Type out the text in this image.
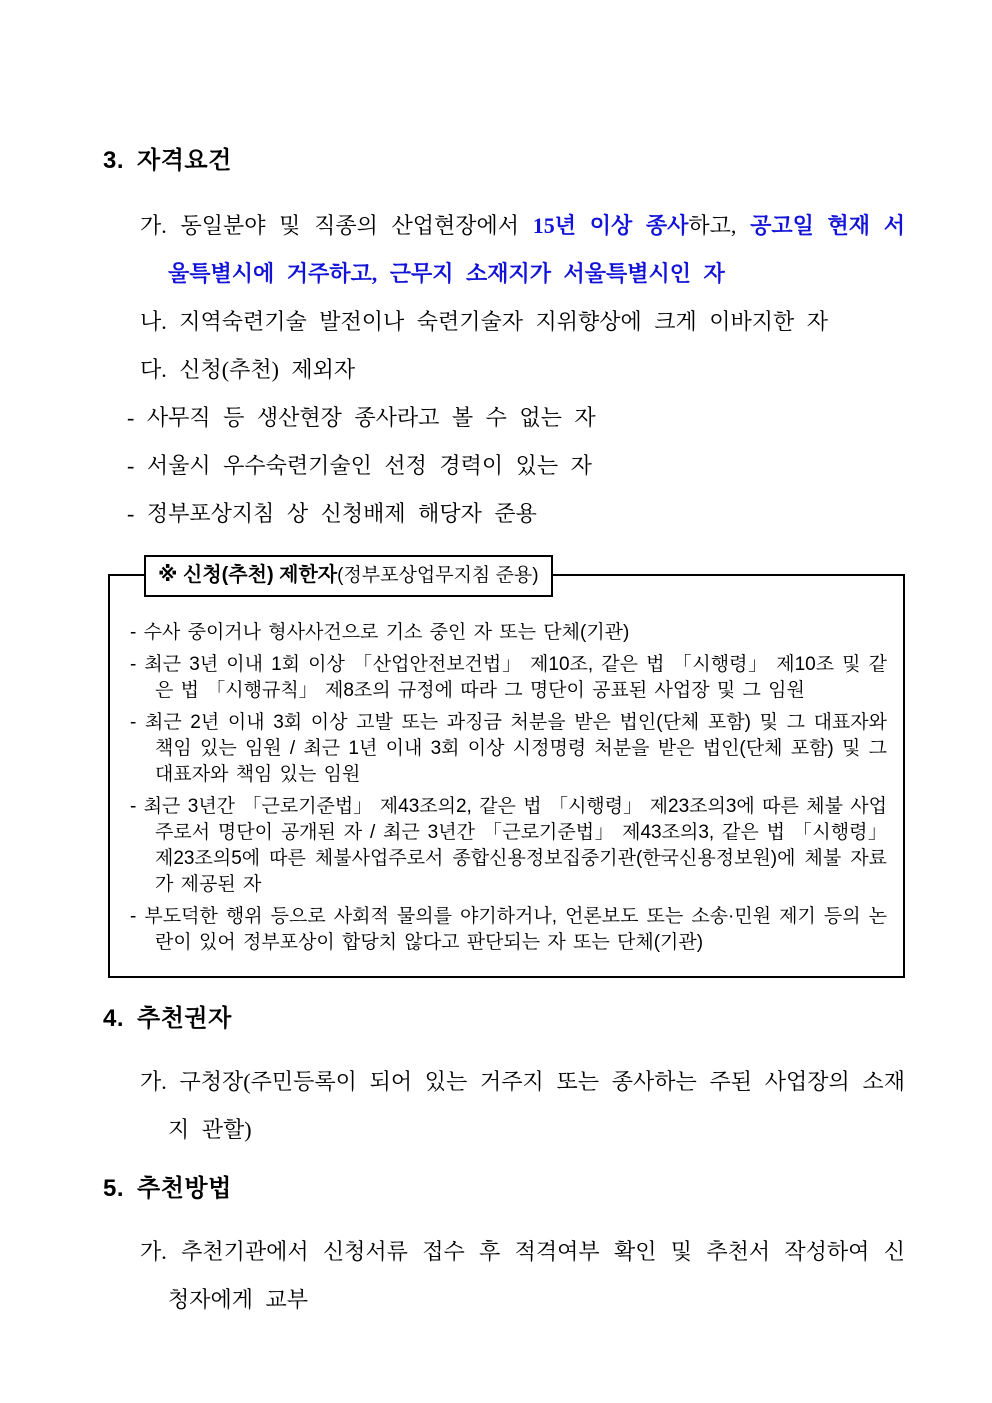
3. 자격요건
가. 동일분야 및 직종의 산업현장에서 15년 이상 종사하고, 공고일 현재 서울특별시에 거주하고, 근무지 소재지가 서울특별시인 자
나. 지역숙련기술 발전이나 숙련기술자 지위향상에 크게 이바지한 자
다. 신청(추천) 제외자
- 사무직 등 생산현장 종사라고 볼 수 없는 자
- 서울시 우수숙련기술인 선정 경력이 있는 자
- 정부포상지침 상 신청배제 해당자 준용
※ 신청(추천) 제한자(정부포상업무지침 준용)
- 수사 중이거나 형사사건으로 기소 중인 자 또는 단체(기관)
- 최근 3년 이내 1회 이상 「산업안전보건법」 제10조, 같은 법 「시행령」 제10조 및 같은 법 「시행규칙」 제8조의 규정에 따라 그 명단이 공표된 사업장 및 그 임원
- 최근 2년 이내 3회 이상 고발 또는 과징금 처분을 받은 법인(단체 포함) 및 그 대표자와 책임 있는 임원 / 최근 1년 이내 3회 이상 시정명령 처분을 받은 법인(단체 포함) 및 그 대표자와 책임 있는 임원
- 최근 3년간 「근로기준법」 제43조의2, 같은 법 「시행령」 제23조의3에 따른 체불 사업주로서 명단이 공개된 자 / 최근 3년간 「근로기준법」 제43조의3, 같은 법 「시행령」 제23조의5에 따른 체불사업주로서 종합신용정보집중기관(한국신용정보원)에 체불 자료가 제공된 자
- 부도덕한 행위 등으로 사회적 물의를 야기하거나, 언론보도 또는 소송·민원 제기 등의 논란이 있어 정부포상이 합당치 않다고 판단되는 자 또는 단체(기관)
4. 추천권자
가. 구청장(주민등록이 되어 있는 거주지 또는 종사하는 주된 사업장의 소재지 관할)
5. 추천방법
가. 추천기관에서 신청서류 접수 후 적격여부 확인 및 추천서 작성하여 신청자에게 교부
